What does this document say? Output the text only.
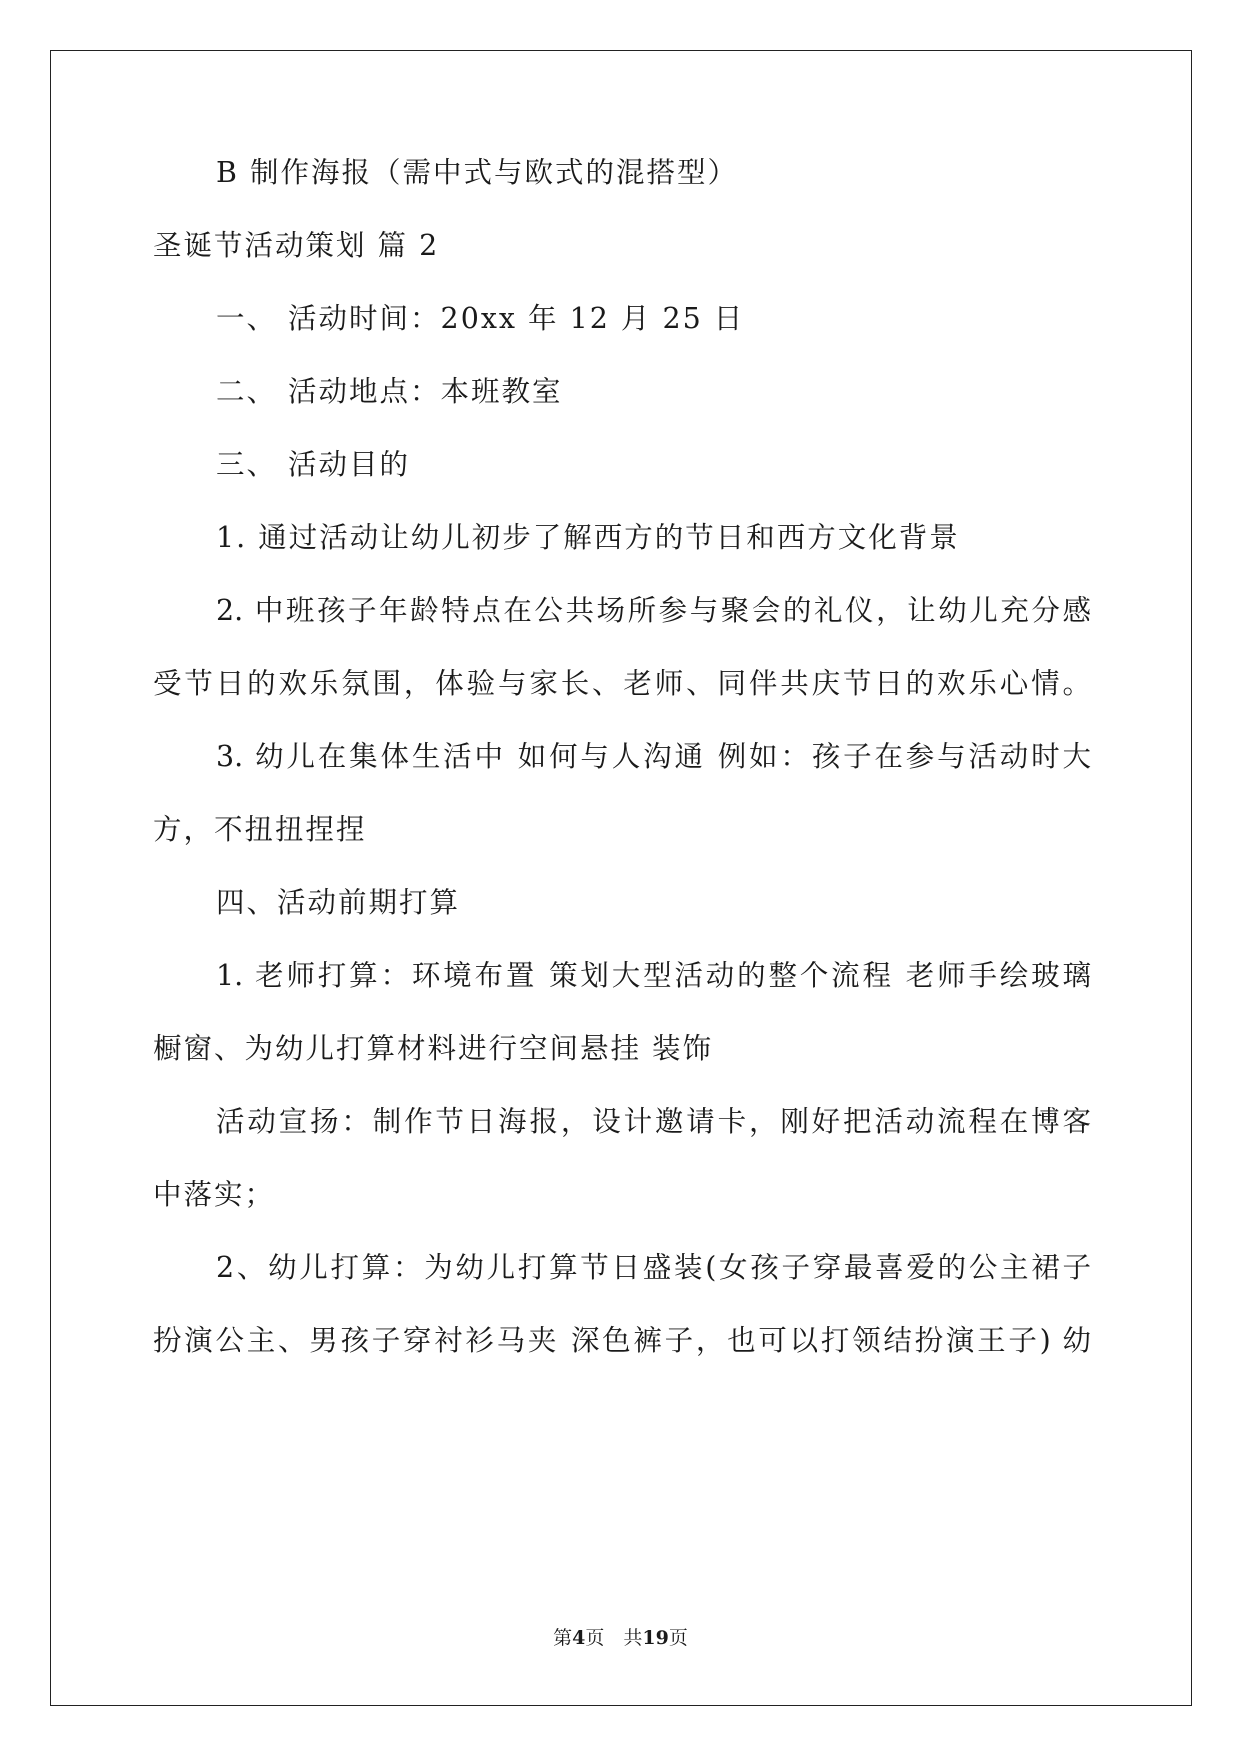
B 制作海报（需中式与欧式的混搭型）
圣诞节活动策划 篇 2
一、 活动时间：20xx 年 12 月 25 日
二、 活动地点：本班教室
三、 活动目的
1. 通过活动让幼儿初步了解西方的节日和西方文化背景
2. 中班孩子年龄特点在公共场所参与聚会的礼仪，让幼儿充分感
受节日的欢乐氛围，体验与家长、老师、同伴共庆节日的欢乐心情。
3. 幼儿在集体生活中 如何与人沟通 例如：孩子在参与活动时大
方，不扭扭捏捏
四、活动前期打算
1. 老师打算：环境布置 策划大型活动的整个流程 老师手绘玻璃
橱窗、为幼儿打算材料进行空间悬挂 装饰
活动宣扬：制作节日海报，设计邀请卡，刚好把活动流程在博客
中落实；
2、幼儿打算：为幼儿打算节日盛装(女孩子穿最喜爱的公主裙子
扮演公主、男孩子穿衬衫马夹 深色裤子，也可以打领结扮演王子) 幼
第4页　共19页
